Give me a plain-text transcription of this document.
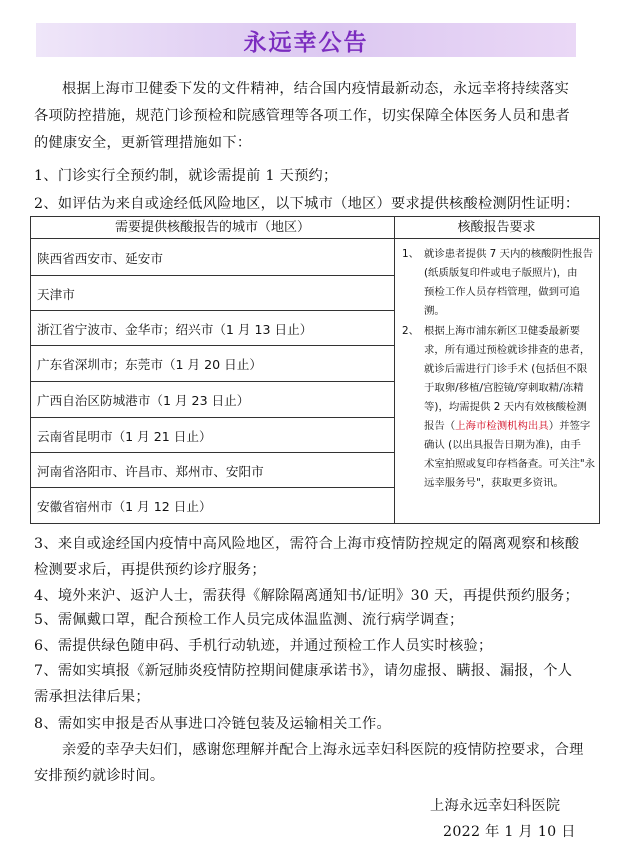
永远幸公告
根据上海市卫健委下发的文件精神，结合国内疫情最新动态，永远幸将持续落实
各项防控措施，规范门诊预检和院感管理等各项工作，切实保障全体医务人员和患者
的健康安全，更新管理措施如下：
1、门诊实行全预约制，就诊需提前 1 天预约；
2、如评估为来自或途经低风险地区，以下城市（地区）要求提供核酸检测阴性证明：
需要提供核酸报告的城市（地区）	核酸报告要求
陕西省西安市、延安市
天津市
浙江省宁波市、金华市；绍兴市（1 月 13 日止）
广东省深圳市；东莞市（1 月 20 日止）
广西自治区防城港市（1 月 23 日止）
云南省昆明市（1 月 21 日止）
河南省洛阳市、许昌市、郑州市、安阳市
安徽省宿州市（1 月 12 日止）
1、 就诊患者提供 7 天内的核酸阴性报告
(纸质版复印件或电子版照片)，由
预检工作人员存档管理，做到可追
溯。
2、 根据上海市浦东新区卫健委最新要
求，所有通过预检就诊排查的患者，
就诊后需进行门诊手术 (包括但不限
于取卵/移植/宫腔镜/穿刺取精/冻精
等)，均需提供 2 天内有效核酸检测
报告（上海市检测机构出具）并签字
确认 (以出具报告日期为准)，由手
术室拍照或复印存档备查。可关注"永
远幸服务号"，获取更多资讯。
3、来自或途经国内疫情中高风险地区，需符合上海市疫情防控规定的隔离观察和核酸
检测要求后，再提供预约诊疗服务；
4、境外来沪、返沪人士，需获得《解除隔离通知书/证明》30 天，再提供预约服务；
5、需佩戴口罩，配合预检工作人员完成体温监测、流行病学调查；
6、需提供绿色随申码、手机行动轨迹，并通过预检工作人员实时核验；
7、需如实填报《新冠肺炎疫情防控期间健康承诺书》，请勿虚报、瞒报、漏报，个人
需承担法律后果；
8、需如实申报是否从事进口冷链包装及运输相关工作。
亲爱的幸孕夫妇们，感谢您理解并配合上海永远幸妇科医院的疫情防控要求，合理
安排预约就诊时间。
上海永远幸妇科医院
2022 年 1 月 10 日
